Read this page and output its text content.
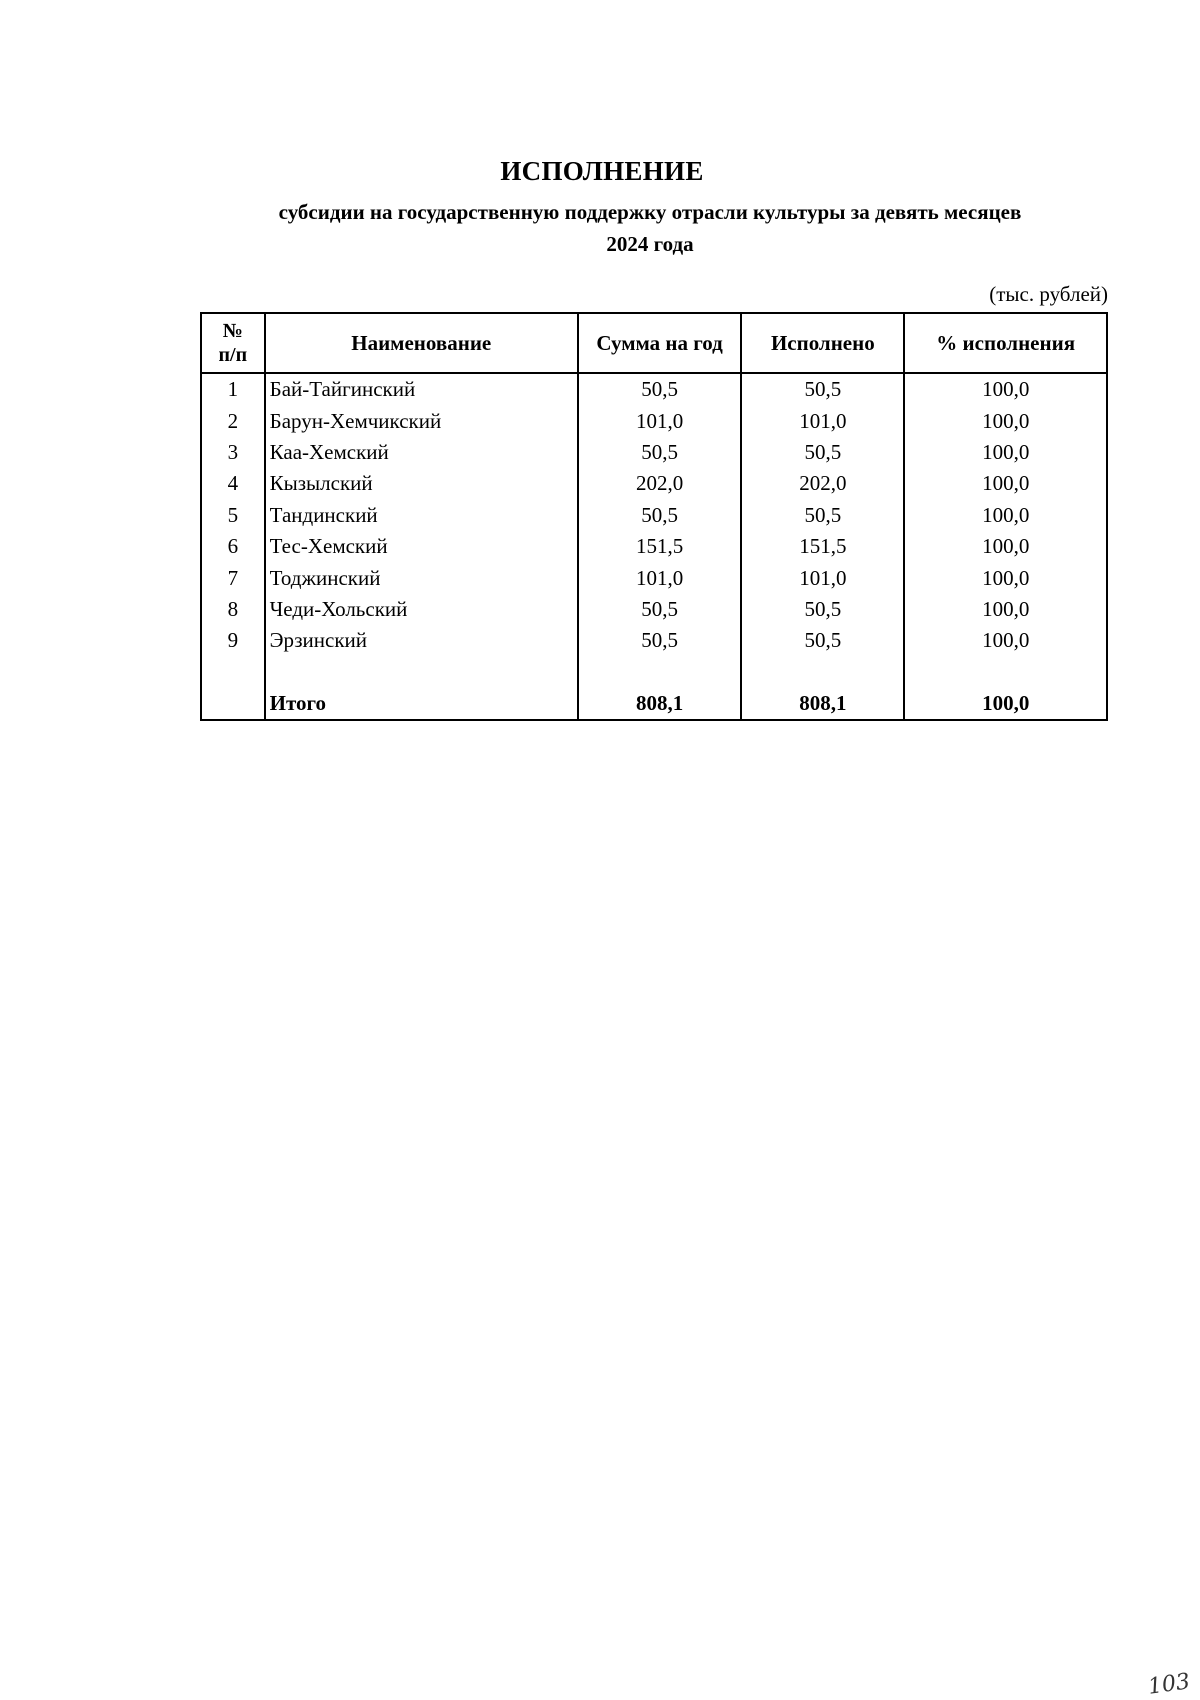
ИСПОЛНЕНИЕ
субсидии на государственную поддержку отрасли культуры за девять месяцев
2024 года
(тыс. рублей)
№ п/п	Наименование	Сумма на год	Исполнено	% исполнения
1	Бай-Тайгинский	50,5	50,5	100,0
2	Барун-Хемчикский	101,0	101,0	100,0
3	Каа-Хемский	50,5	50,5	100,0
4	Кызылский	202,0	202,0	100,0
5	Тандинский	50,5	50,5	100,0
6	Тес-Хемский	151,5	151,5	100,0
7	Тоджинский	101,0	101,0	100,0
8	Чеди-Хольский	50,5	50,5	100,0
9	Эрзинский	50,5	50,5	100,0

	Итого	808,1	808,1	100,0
103
